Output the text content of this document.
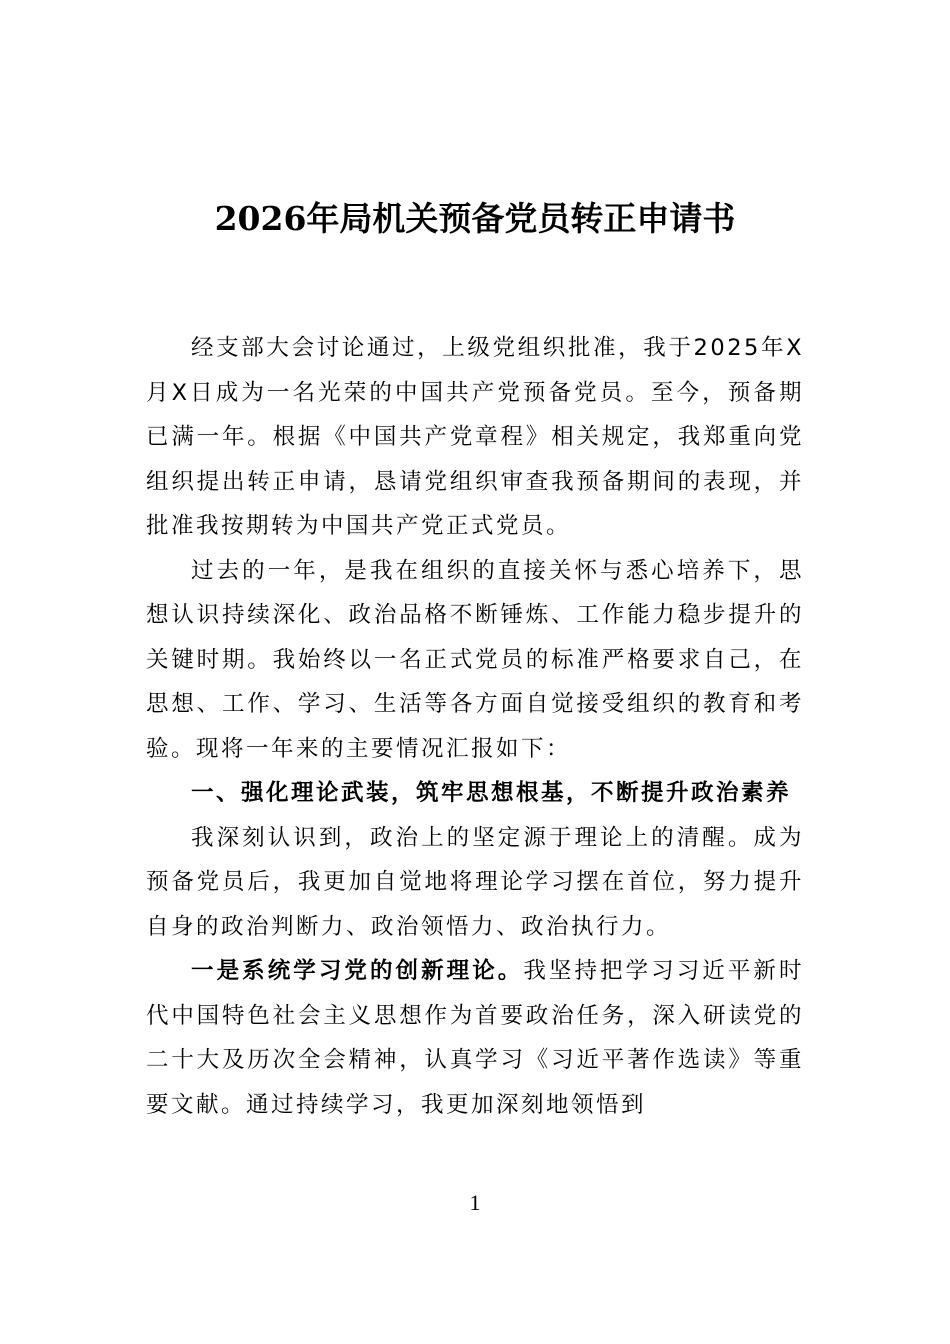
2026年局机关预备党员转正申请书

经支部大会讨论通过，上级党组织批准，我于2025年X月X日成为一名光荣的中国共产党预备党员。至今，预备期已满一年。根据《中国共产党章程》相关规定，我郑重向党组织提出转正申请，恳请党组织审查我预备期间的表现，并批准我按期转为中国共产党正式党员。

过去的一年，是我在组织的直接关怀与悉心培养下，思想认识持续深化、政治品格不断锤炼、工作能力稳步提升的关键时期。我始终以一名正式党员的标准严格要求自己，在思想、工作、学习、生活等各方面自觉接受组织的教育和考验。现将一年来的主要情况汇报如下：

一、强化理论武装，筑牢思想根基，不断提升政治素养

我深刻认识到，政治上的坚定源于理论上的清醒。成为预备党员后，我更加自觉地将理论学习摆在首位，努力提升自身的政治判断力、政治领悟力、政治执行力。

一是系统学习党的创新理论。我坚持把学习习近平新时代中国特色社会主义思想作为首要政治任务，深入研读党的二十大及历次全会精神，认真学习《习近平著作选读》等重要文献。通过持续学习，我更加深刻地领悟到

1
